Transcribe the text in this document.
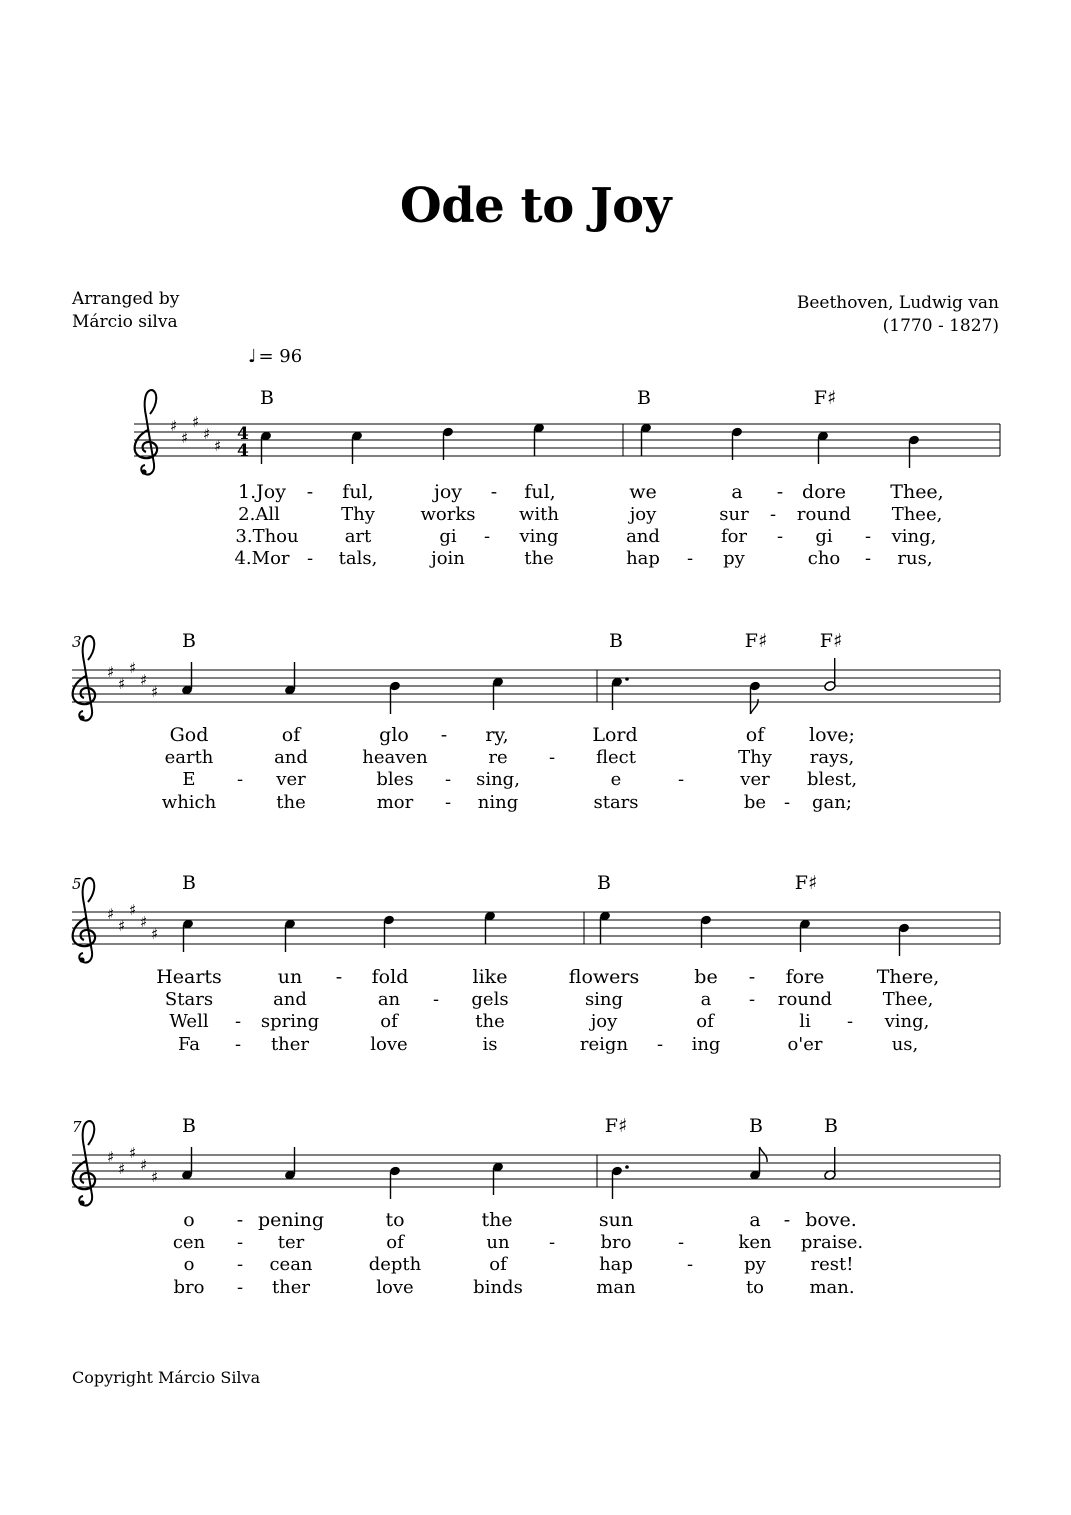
Ode to Joy
Arranged by
Márcio silva
Beethoven, Ludwig van
(1770 - 1827)
♩ = 96
♯
♯
♯
♯
♯
4
4
B	B	F♯
1.Joy - ful,	joy - ful,	we	a - dore Thee,
2.All	Thy	works with	joy	sur - round Thee,
3.Thou	art	gi - ving	and	for - gi - ving,
4.Mor - tals,	join	the	hap - py	cho - rus,
3
♯
♯
♯
♯
♯
B	B	F♯	F♯
God	of	glo - ry,	Lord	of love;
earth	and	heaven	re - flect	Thy rays,
E - ver	bles - sing,	e	-	ver blest,
which	the	mor - ning	stars	be - gan;
5
♯
♯
♯
♯
♯
B	B	F♯
Hearts	un - fold	like	flowers	be - fore	There,
Stars	and	an - gels	sing	a - round	Thee,
Well - spring	of	the	joy	of	li - ving,
Fa - ther	love	is	reign - ing	o'er	us,
7
♯
♯
♯
♯
♯
B	F♯	B	B
o - pening	to	the	sun	a - bove.
cen - ter	of	un -	bro	-	ken praise.
o - cean	depth	of	hap	-	py rest!
bro - ther	love	binds	man	to	man.
Copyright Márcio Silva
